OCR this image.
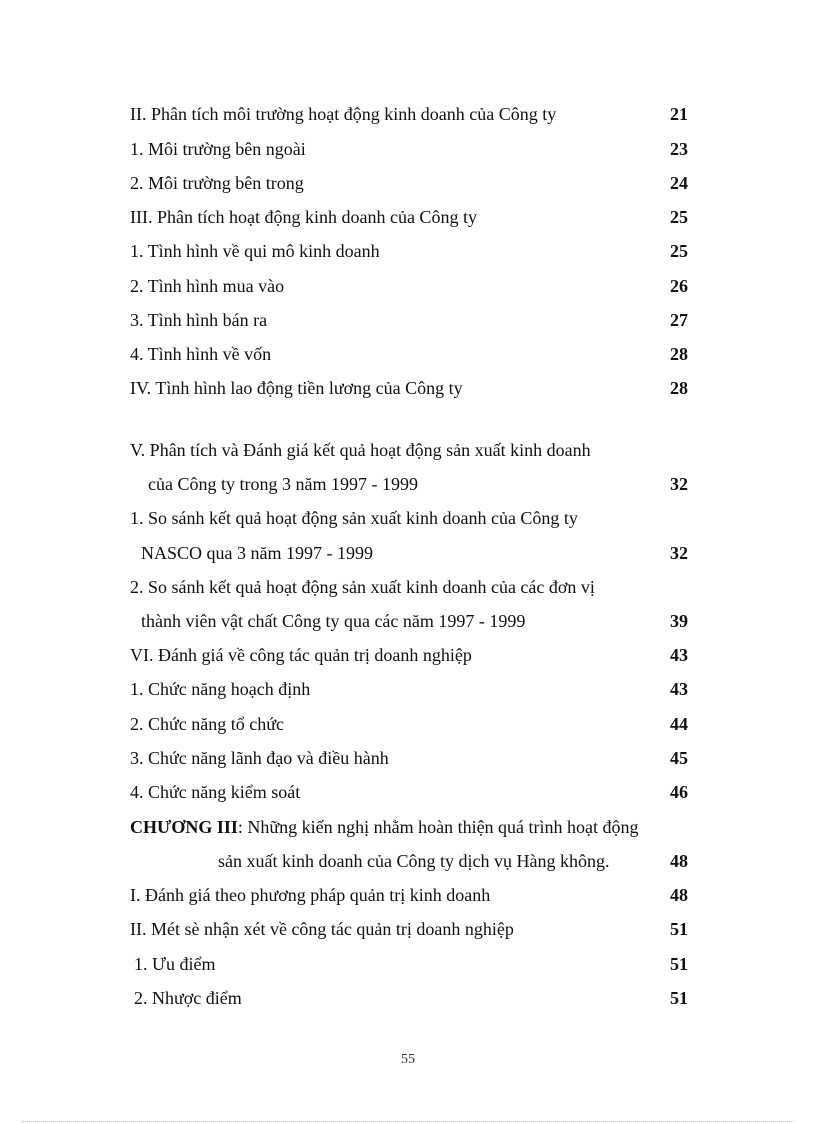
II. Phân tích môi trường hoạt động kinh doanh của Công ty	21
1. Môi trường bên ngoài	23
2. Môi trường bên trong	24
III. Phân tích hoạt động kinh doanh của Công ty	25
1. Tình hình về qui mô kinh doanh	25
2. Tình hình mua vào	26
3. Tình hình bán ra	27
4. Tình hình về vốn	28
IV. Tình hình lao động tiền lương của Công ty	28
V. Phân tích và Đánh giá kết quả hoạt động sản xuất kinh doanh
của Công ty trong 3 năm 1997 - 1999	32
1. So sánh kết quả hoạt động sản xuất kinh doanh của Công ty
NASCO qua 3 năm 1997 - 1999	32
2. So sánh kết quả hoạt động sản xuất kinh doanh của các đơn vị
thành viên vật chất Công ty qua các năm 1997 - 1999	39
VI. Đánh giá về công tác quản trị doanh nghiệp	43
1. Chức năng hoạch định	43
2. Chức năng tổ chức	44
3. Chức năng lãnh đạo và điều hành	45
4. Chức năng kiểm soát	46
CHƯƠNG III: Những kiến nghị nhằm hoàn thiện quá trình hoạt động
sản xuất kinh doanh của Công ty dịch vụ Hàng không.	48
I. Đánh giá theo phương pháp quản trị kinh doanh	48
II. Mét sè nhận xét về công tác quản trị doanh nghiệp	51
1. Ưu điểm	51
2. Nhược điểm	51
55
